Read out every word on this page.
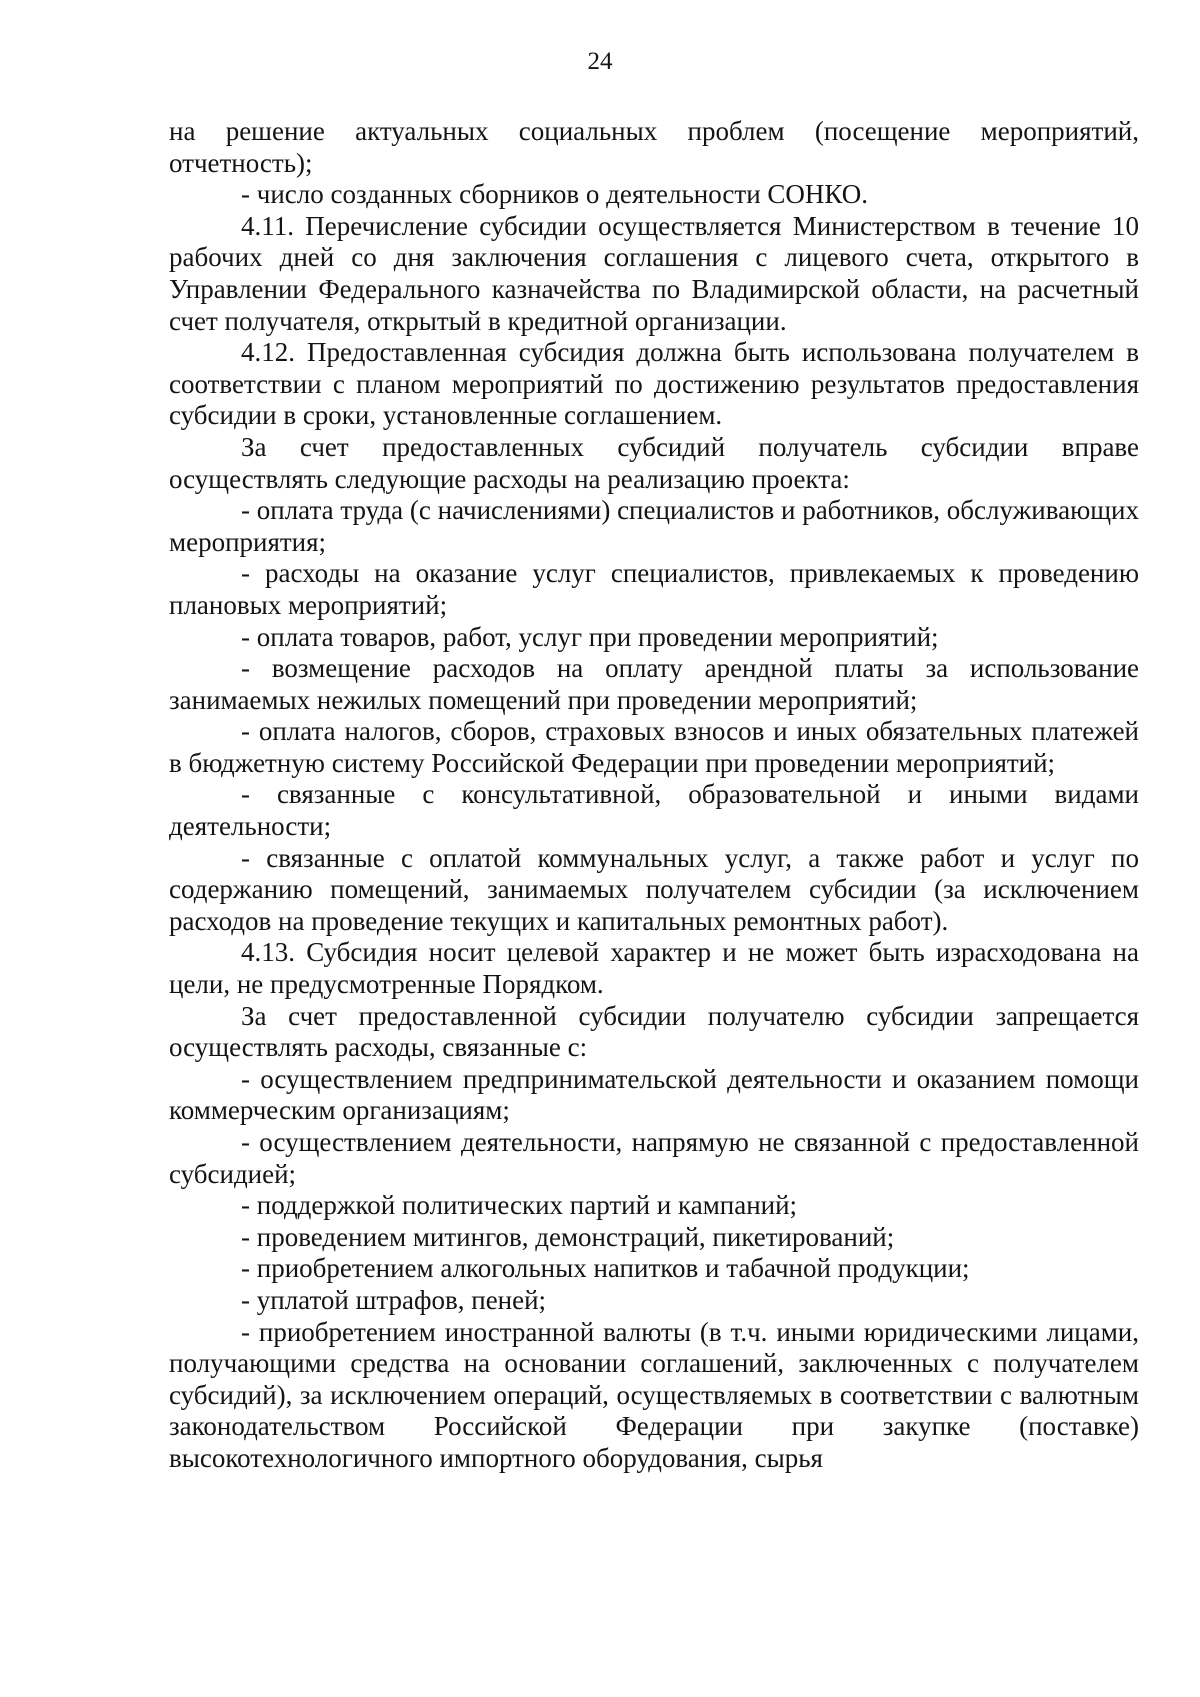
24

на решение актуальных социальных проблем (посещение мероприятий, отчетность);

- число созданных сборников о деятельности СОНКО.

4.11. Перечисление субсидии осуществляется Министерством в течение 10 рабочих дней со дня заключения соглашения с лицевого счета, открытого в Управлении Федерального казначейства по Владимирской области, на расчетный счет получателя, открытый в кредитной организации.

4.12. Предоставленная субсидия должна быть использована получателем в соответствии с планом мероприятий по достижению результатов предоставления субсидии в сроки, установленные соглашением.

За счет предоставленных субсидий получатель субсидии вправе осуществлять следующие расходы на реализацию проекта:

- оплата труда (с начислениями) специалистов и работников, обслуживающих мероприятия;

- расходы на оказание услуг специалистов, привлекаемых к проведению плановых мероприятий;

- оплата товаров, работ, услуг при проведении мероприятий;

- возмещение расходов на оплату арендной платы за использование занимаемых нежилых помещений при проведении мероприятий;

- оплата налогов, сборов, страховых взносов и иных обязательных платежей в бюджетную систему Российской Федерации при проведении мероприятий;

- связанные с консультативной, образовательной и иными видами деятельности;

- связанные с оплатой коммунальных услуг, а также работ и услуг по содержанию помещений, занимаемых получателем субсидии (за исключением расходов на проведение текущих и капитальных ремонтных работ).

4.13. Субсидия носит целевой характер и не может быть израсходована на цели, не предусмотренные Порядком.

За счет предоставленной субсидии получателю субсидии запрещается осуществлять расходы, связанные с:

- осуществлением предпринимательской деятельности и оказанием помощи коммерческим организациям;

- осуществлением деятельности, напрямую не связанной с предоставленной субсидией;

- поддержкой политических партий и кампаний;

- проведением митингов, демонстраций, пикетирований;

- приобретением алкогольных напитков и табачной продукции;

- уплатой штрафов, пеней;

- приобретением иностранной валюты (в т.ч. иными юридическими лицами, получающими средства на основании соглашений, заключенных с получателем субсидий), за исключением операций, осуществляемых в соответствии с валютным законодательством Российской Федерации при закупке (поставке) высокотехнологичного импортного оборудования, сырья
